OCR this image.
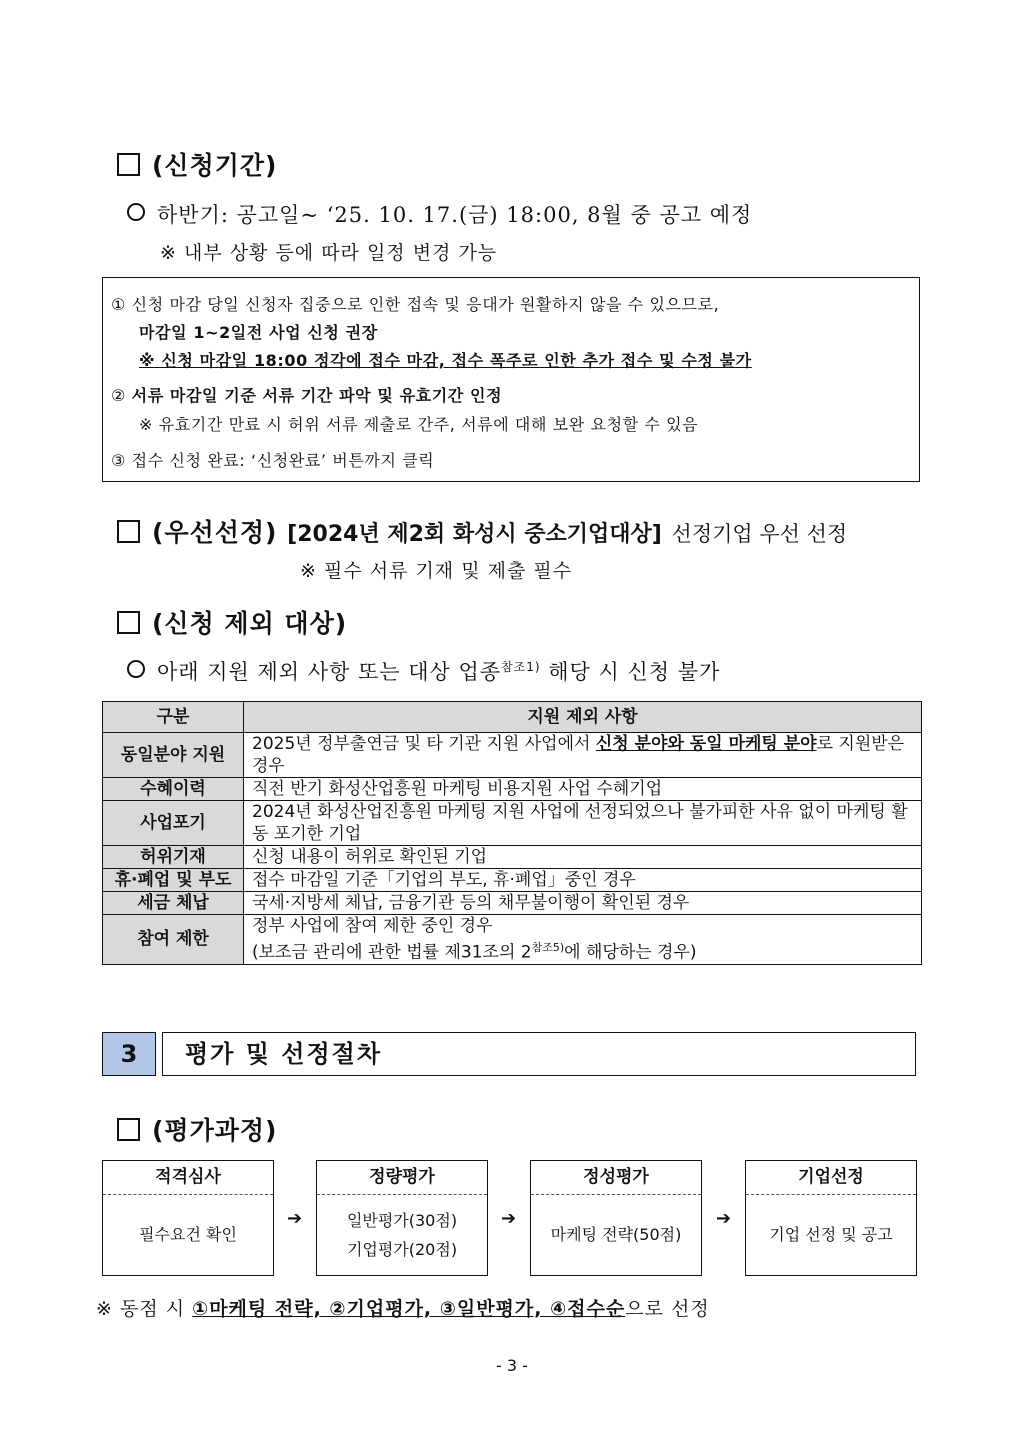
(신청기간)
하반기: 공고일~ ‘25. 10. 17.(금) 18:00, 8월 중 공고 예정
※ 내부 상황 등에 따라 일정 변경 가능
① 신청 마감 당일 신청자 집중으로 인한 접속 및 응대가 원활하지 않을 수 있으므로,
마감일 1~2일전 사업 신청 권장
※ 신청 마감일 18:00 정각에 접수 마감, 접수 폭주로 인한 추가 접수 및 수정 불가
② 서류 마감일 기준 서류 기간 파악 및 유효기간 인정
※ 유효기간 만료 시 허위 서류 제출로 간주, 서류에 대해 보완 요청할 수 있음
③ 접수 신청 완료: ‘신청완료’ 버튼까지 클릭
(우선선정) [2024년 제2회 화성시 중소기업대상] 선정기업 우선 선정
※ 필수 서류 기재 및 제출 필수
(신청 제외 대상)
아래 지원 제외 사항 또는 대상 업종$^{참조1)}$ 해당 시 신청 불가
구분	지원 제외 사항
동일분야 지원	2025년 정부출연금 및 타 기관 지원 사업에서 신청 분야와 동일 마케팅 분야로 지원받은 경우
수혜이력	직전 반기 화성산업흥원 마케팅 비용지원 사업 수혜기업
사업포기	2024년 화성산업진흥원 마케팅 지원 사업에 선정되었으나 불가피한 사유 없이 마케팅 활동 포기한 기업
허위기재	신청 내용이 허위로 확인된 기업
휴·폐업 및 부도	접수 마감일 기준「기업의 부도, 휴·폐업」중인 경우
세금 체납	국세·지방세 체납, 금융기관 등의 채무불이행이 확인된 경우
참여 제한	정부 사업에 참여 제한 중인 경우
(보조금 관리에 관한 법률 제31조의 $2^{참조5)}$에 해당하는 경우)
3	평가 및 선정절차
(평가과정)
적격심사
필수요건 확인
➔
정량평가
일반평가(30점)
기업평가(20점)
➔
정성평가
마케팅 전략(50점)
➔
기업선정
기업 선정 및 공고
※ 동점 시 ①마케팅 전략, ②기업평가, ③일반평가, ④접수순으로 선정
- 3 -
